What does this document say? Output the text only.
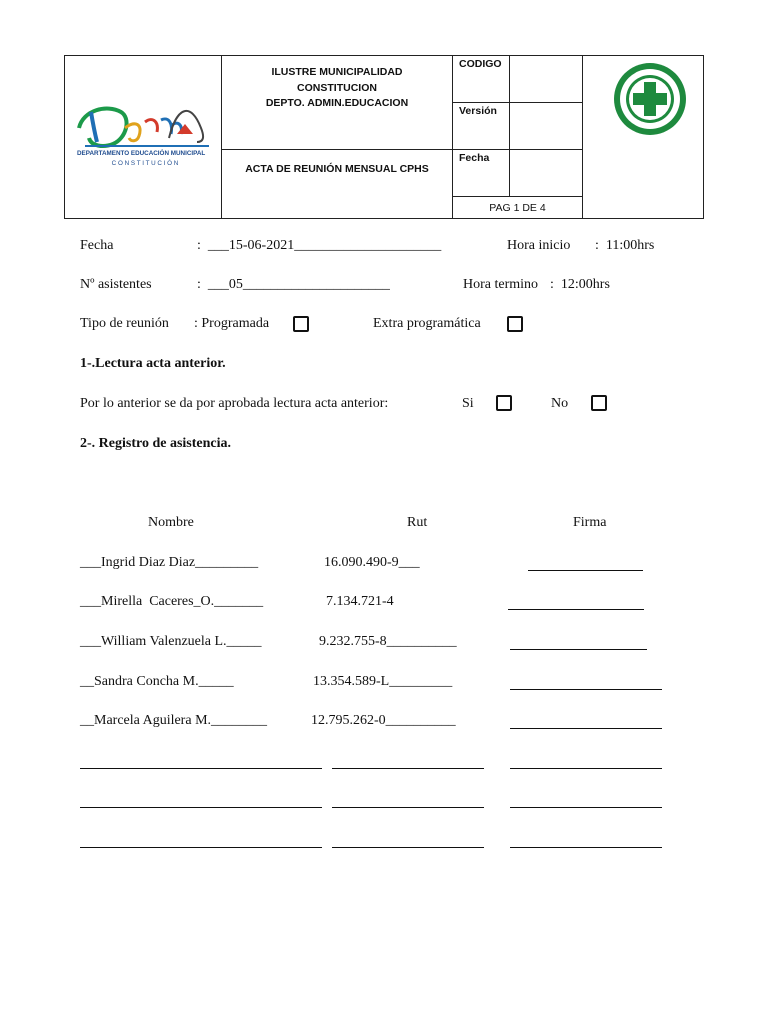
DEPARTAMENTO EDUCACIÓN MUNICIPAL
C O N S T I T U C I Ó N
ILUSTRE MUNICIPALIDAD
CONSTITUCION
DEPTO. ADMIN.EDUCACION
ACTA DE REUNIÓN MENSUAL CPHS
CODIGO
Versión
Fecha
PAG 1 DE 4
Fecha	:  ___15-06-2021_____________________	Hora inicio :  11:00hrs
Nº asistentes	:  ___05_____________________	Hora termino :  12:00hrs
Tipo de reunión : Programada	Extra programática
1-.Lectura acta anterior.
Por lo anterior se da por aprobada lectura acta anterior:	Si	No
2-. Registro de asistencia.
Nombre	Rut	Firma
___Ingrid Diaz Diaz_________	16.090.490-9___
___Mirella  Caceres_O._______	7.134.721-4
___William Valenzuela L._____	9.232.755-8__________
__Sandra Concha M._____	13.354.589-L_________
__Marcela Aguilera M.________	12.795.262-0__________
